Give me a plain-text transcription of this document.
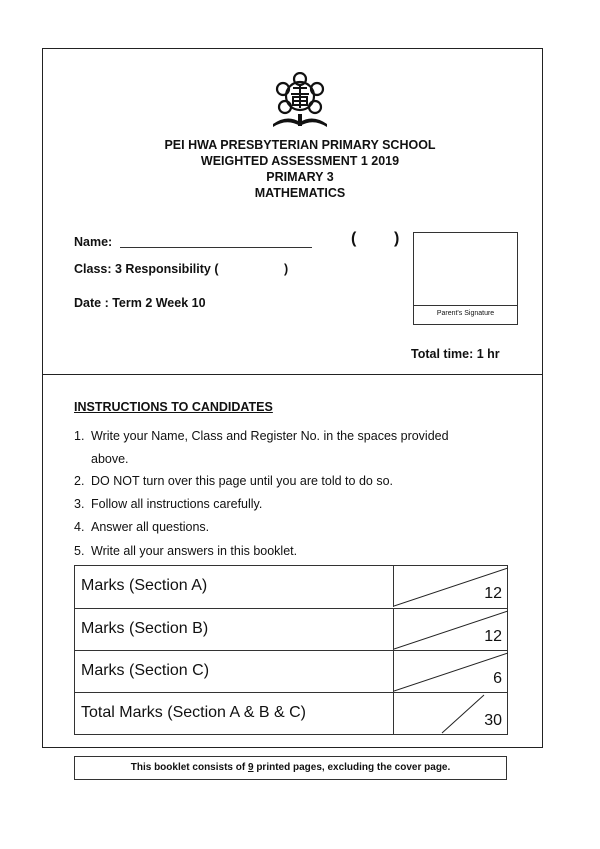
PEI HWA PRESBYTERIAN PRIMARY SCHOOL
WEIGHTED ASSESSMENT 1 2019
PRIMARY 3
MATHEMATICS
Name:	( )
Class: 3 Responsibility (	)
Date : Term 2 Week 10
Parent's Signature
Total time: 1 hr
INSTRUCTIONS TO CANDIDATES
1. Write your Name, Class and Register No. in the spaces provided
above.
2. DO NOT turn over this page until you are told to do so.
3. Follow all instructions carefully.
4. Answer all questions.
5. Write all your answers in this booklet.
Marks (Section A)	12
Marks (Section B)	12
Marks (Section C)	6
Total Marks (Section A & B & C)	30
This booklet consists of 9 printed pages, excluding the cover page.
